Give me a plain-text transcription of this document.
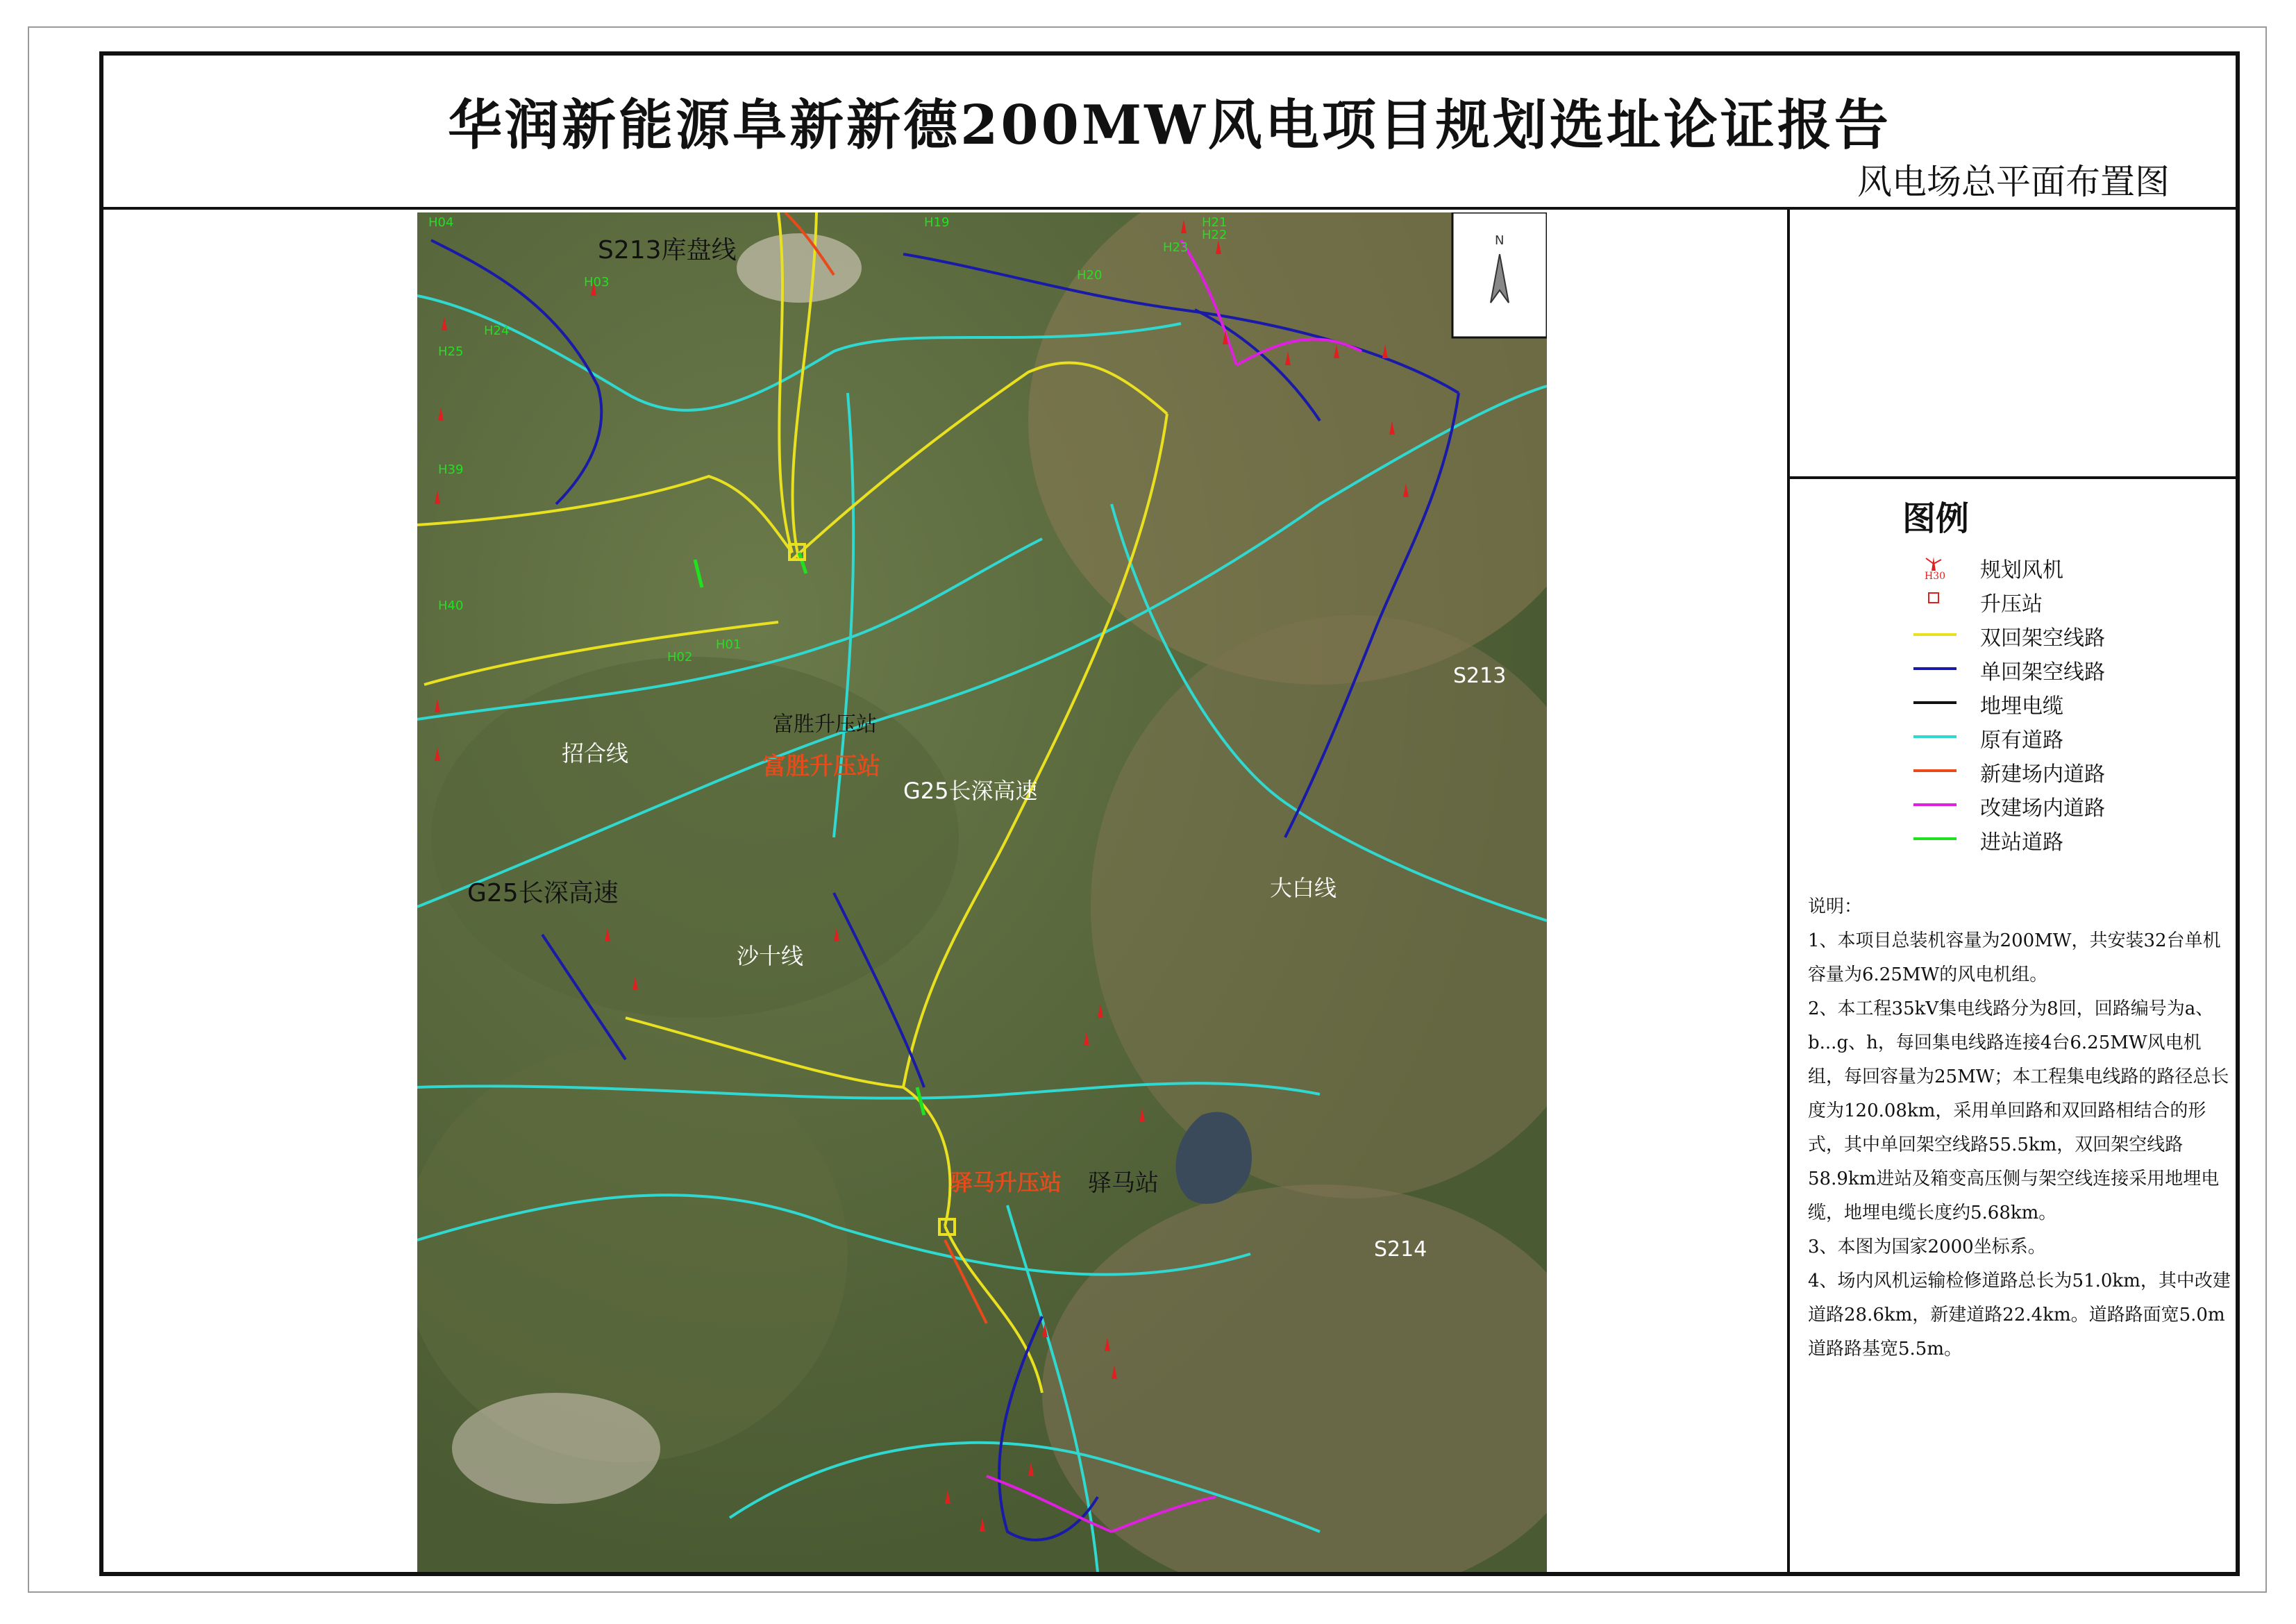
华润新能源阜新新德200MW风电项目规划选址论证报告
风电场总平面布置图
N
S213库盘线
富胜升压站
富胜升压站
招合线
G25长深高速
G25长深高速
S213
沙十线
大白线
驿马升压站 驿马站
S214
H04
H03
H24
H25
H39
H40
H02
H01
H19
H20
H21
H22
H23
图例
H30 规划风机
升压站
双回架空线路
单回架空线路
地埋电缆
原有道路
新建场内道路
改建场内道路
进站道路
说明：
1、本项目总装机容量为200MW，共安装32台单机容量为6.25MW的风电机组。
2、本工程35kV集电线路分为8回，回路编号为a、b...g、h，每回集电线路连接4台6.25MW风电机组，每回容量为25MW；本工程集电线路的路径总长度为120.08km，采用单回路和双回路相结合的形式，其中单回架空线路55.5km，双回架空线路58.9km进站及箱变高压侧与架空线连接采用地埋电缆，地埋电缆长度约5.68km。
3、本图为国家2000坐标系。
4、场内风机运输检修道路总长为51.0km，其中改建道路28.6km，新建道路22.4km。道路路面宽5.0m道路路基宽5.5m。
